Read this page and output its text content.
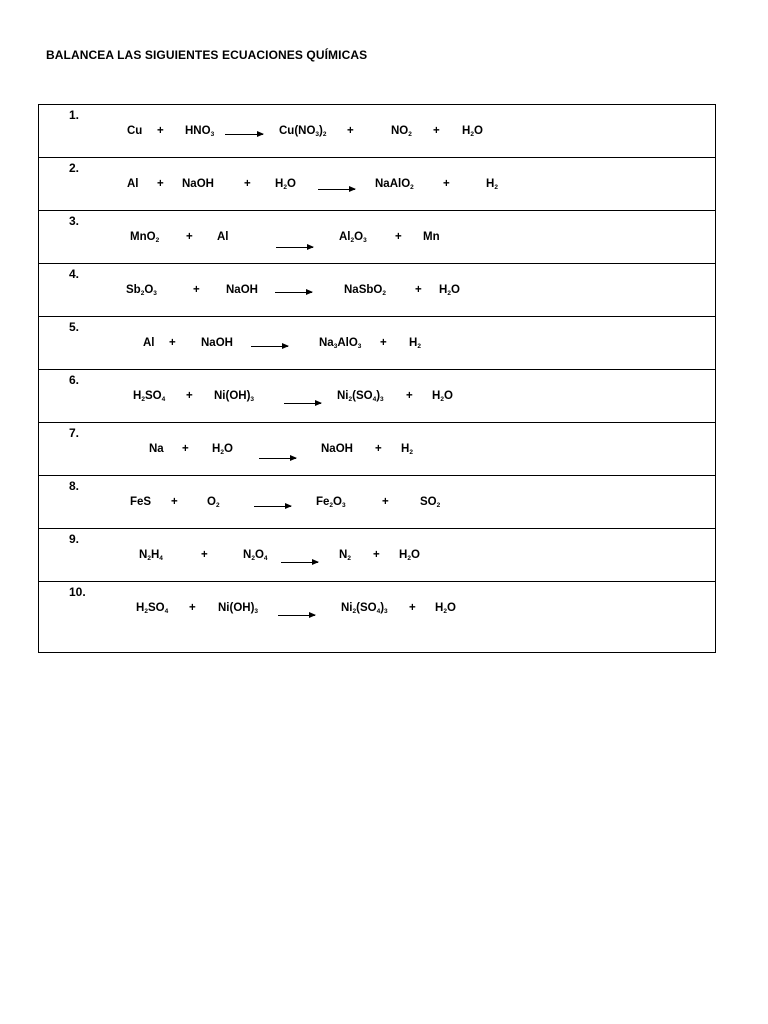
BALANCEA LAS SIGUIENTES ECUACIONES QUÍMICAS
1.
$Cu + HNO_3$	$Cu(NO_3)_2$ +	$NO_2 + H_2O$
2.
Al + NaOH	+ $H_2O$	NaAlO$_2$	+	$H_2$
3.
MnO$_2$ + Al	$Al_2O_3 + Mn$
4.
$Sb_2O_3$	+ NaOH	NaSbO$_2$	+ $H_2O$
5.
Al + NaOH	$Na_3AlO_3 + H_2$
6.
$H_2SO_4 + Ni(OH)_3$	$Ni_2(SO_4)_3 + H_2O$
7.
$Na + H_2O$	NaOH + $H_2$
8.
FeS +	$O_2$	$Fe_2O_3$	+	$SO_2$
9.
$N_2H_4$	+	$N_2O_4$	$N_2 + H_2O$
10.
$H_2SO_4 + Ni(OH)_3$	$Ni_2(SO_4)_3 + H_2O$
